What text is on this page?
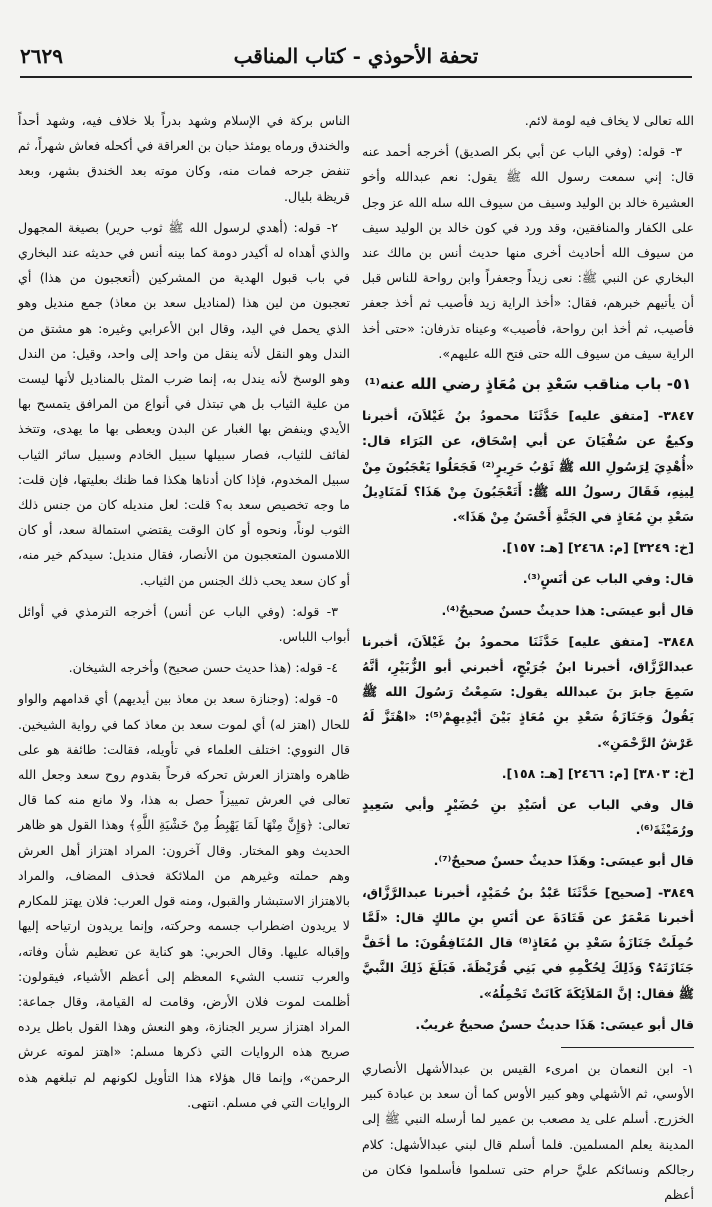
تحفة الأحوذي - كتاب المناقب
٢٦٢٩

الله تعالى لا يخاف فيه لومة لائم.

٣- قوله: (وفي الباب عن أبي بكر الصديق) أخرجه أحمد عنه قال: إني سمعت رسول الله ﷺ يقول: نعم عبدالله وأخو العشيرة خالد بن الوليد وسيف من سيوف الله سله الله عز وجل على الكفار والمنافقين، وقد ورد في كون خالد بن الوليد سيف من سيوف الله أحاديث أخرى منها حديث أنس بن مالك عند البخاري عن النبي ﷺ: نعى زيداً وجعفراً وابن رواحة للناس قبل أن يأتيهم خبرهم، فقال: «أخذ الراية زيد فأصيب ثم أخذ جعفر فأصيب، ثم أخذ ابن رواحة، فأصيب» وعيناه تذرفان: «حتى أخذ الراية سيف من سيوف الله حتى فتح الله عليهم».

٥١- باب مناقب سَعْدِ بن مُعَاذٍ رضي الله عنه⁽¹⁾

٣٨٤٧- [متفق عليه] حَدَّثَنَا محمودُ بنُ غَيْلاَنَ، أخبرنا وكيعٌ عن سُفْيَانَ عن أبي إسْحَاق، عن البَرَاء قال: «أُهْدِيَ لِرَسُولِ الله ﷺ ثَوْبُ حَرِيرٍ⁽²⁾ فَجَعَلُوا يَعْجَبُونَ مِنْ لِينِهِ، فَقَالَ رسولُ الله ﷺ: أَتَعْجَبُونَ مِنْ هَذَا؟ لَمَنَادِيلُ سَعْدِ بنِ مُعَاذٍ في الجَنَّةِ أَحْسَنُ مِنْ هَذَا».

[خ: ٣٢٤٩] [م: ٢٤٦٨] [هـ: ١٥٧].

قال: وفي الباب عن أنَسٍ⁽³⁾.

قال أبو عيسَى: هذا حديثٌ حسنٌ صحيحٌ⁽⁴⁾.

٣٨٤٨- [متفق عليه] حَدَّثَنَا محمودُ بنُ غَيْلاَنَ، أخبرنا عبدالرَّزَّاق، أخبرنا ابنُ جُرَيْجٍ، أخبرني أبو الزُّبَيْرِ، أنَّهُ سَمِعَ جابرَ بنَ عبدالله يقول: سَمِعْتُ رَسُولَ الله ﷺ يَقُولُ وَجَنَازَةُ سَعْدِ بنِ مُعَاذٍ بَيْنَ أيْدِيهِمْ⁽⁵⁾: «اهْتَزَّ لَهُ عَرْشُ الرَّحْمَنِ».

[خ: ٣٨٠٣] [م: ٢٤٦٦] [هـ: ١٥٨].

قال وفي الباب عن أسَيْدِ بنِ حُضَيْرٍ وأبي سَعِيدٍ ورُمَيْثَةَ⁽⁶⁾.

قال أبو عيسَى: وهَذَا حديثٌ حسنٌ صحيحٌ⁽⁷⁾.

٣٨٤٩- [صحيح] حَدَّثَنَا عَبْدُ بنُ حُمَيْدٍ، أخبرنا عبدالرَّزَّاق، أخبرنا مَعْمَرٌ عن قَتَادَةَ عن أنَسِ بنِ مالكٍ قال: «لَمَّا حُمِلَتْ جَنَازَةُ سَعْدِ بنِ مُعَاذٍ⁽⁸⁾ قال المُنَافِقُونَ: ما أخَفَّ جَنَازَتَهُ؟ وَذَلِكَ لِحُكْمِهِ في بَنِي قُرَيْظَةَ. فَبَلَغَ ذَلِكَ النَّبيَّ ﷺ فقال: إنَّ المَلاَئِكَةَ كَانَتْ تَحْمِلُهُ».

قال أبو عيسَى: هَذَا حديثٌ حسنٌ صحيحٌ غريبٌ.

١- ابن النعمان بن امرىء القيس بن عبدالأشهل الأنصاري الأوسي، ثم الأشهلي وهو كبير الأوس كما أن سعد بن عبادة كبير الخزرج. أسلم على يد مصعب بن عمير لما أرسله النبي ﷺ إلى المدينة يعلم المسلمين. فلما أسلم قال لبني عبدالأشهل: كلام رجالكم ونسائكم عليَّ حرام حتى تسلموا فأسلموا فكان من أعظم

الناس بركة في الإسلام وشهد بدراً بلا خلاف فيه، وشهد أحداً والخندق ورماه يومئذ حبان بن العراقة في أكحله فعاش شهراً، ثم تنفض جرحه فمات منه، وكان موته بعد الخندق بشهر، وبعد قريظة بليال.

٢- قوله: (أهدي لرسول الله ﷺ ثوب حرير) بصيغة المجهول والذي أهداه له أكيدر دومة كما بينه أنس في حديثه عند البخاري في باب قبول الهدية من المشركين (أتعجبون من هذا) أي تعجبون من لين هذا (لمناديل سعد بن معاذ) جمع منديل وهو الذي يحمل في اليد، وقال ابن الأعرابي وغيره: هو مشتق من الندل وهو النقل لأنه ينقل من واحد إلى واحد، وقيل: من الندل وهو الوسخ لأنه يندل به، إنما ضرب المثل بالمناديل لأنها ليست من علية الثياب بل هي تبتذل في أنواع من المرافق يتمسح بها الأيدي وينفض بها الغبار عن البدن ويعطى بها ما يهدى، وتتخذ لفائف للثياب، فصار سبيلها سبيل الخادم وسبيل سائر الثياب سبيل المخدوم، فإذا كان أدناها هكذا فما ظنك بعليتها، فإن قلت: ما وجه تخصيص سعد به؟ قلت: لعل منديله كان من جنس ذلك الثوب لوناً، ونحوه أو كان الوقت يقتضي استمالة سعد، أو كان اللامسون المتعجبون من الأنصار، فقال منديل: سيدكم خير منه، أو كان سعد يحب ذلك الجنس من الثياب.

٣- قوله: (وفي الباب عن أنس) أخرجه الترمذي في أوائل أبواب اللباس.

٤- قوله: (هذا حديث حسن صحيح) وأخرجه الشيخان.

٥- قوله: (وجنازة سعد بن معاذ بين أيديهم) أي قدامهم والواو للحال (اهتز له) أي لموت سعد بن معاذ كما في رواية الشيخين. قال النووي: اختلف العلماء في تأويله، فقالت: طائفة هو على ظاهره واهتزاز العرش تحركه فرحاً بقدوم روح سعد وجعل الله تعالى في العرش تمييزاً حصل به هذا، ولا مانع منه كما قال تعالى: ﴿وَإِنَّ مِنْهَا لَمَا يَهْبِطُ مِنْ خَشْيَةِ اللَّهِ﴾ وهذا القول هو ظاهر الحديث وهو المختار. وقال آخرون: المراد اهتزاز أهل العرش وهم حملته وغيرهم من الملائكة فحذف المضاف، والمراد بالاهتزاز الاستبشار والقبول، ومنه قول العرب: فلان يهتز للمكارم لا يريدون اضطراب جسمه وحركته، وإنما يريدون ارتياحه إليها وإقباله عليها. وقال الحربي: هو كناية عن تعظيم شأن وفاته، والعرب تنسب الشيء المعظم إلى أعظم الأشياء، فيقولون: أظلمت لموت فلان الأرض، وقامت له القيامة، وقال جماعة: المراد اهتزاز سرير الجنازة، وهو النعش وهذا القول باطل يرده صريح هذه الروايات التي ذكرها مسلم: «اهتز لموته عرش الرحمن»، وإنما قال هؤلاء هذا التأويل لكونهم لم تبلغهم هذه الروايات التي في مسلم. انتهى.
